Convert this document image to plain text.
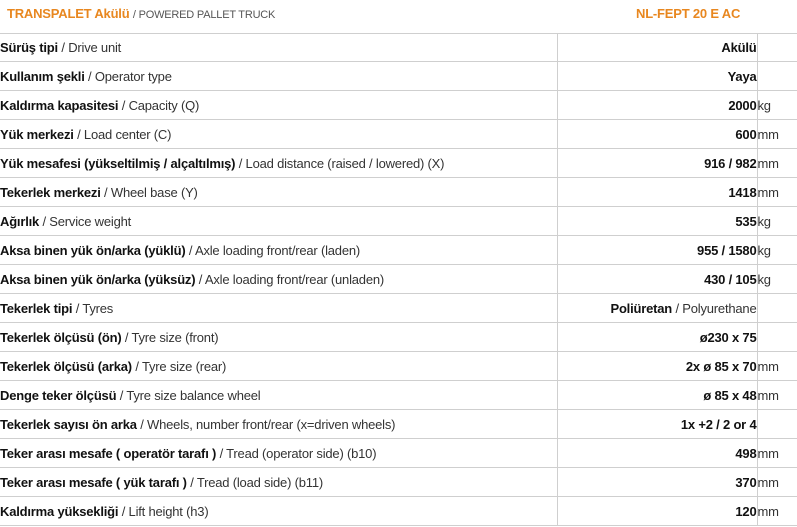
TRANSPALET Akülü / POWERED PALLET TRUCK	NL-FEPT 20 E AC
Sürüş tipi / Drive unit	Akülü	
Kullanım şekli / Operator type	Yaya	
Kaldırma kapasitesi / Capacity (Q)	2000	kg
Yük merkezi / Load center (C)	600	mm
Yük mesafesi (yükseltilmiş / alçaltılmış) / Load distance (raised / lowered) (X)	916 / 982	mm
Tekerlek merkezi / Wheel base (Y)	1418	mm
Ağırlık / Service weight	535	kg
Aksa binen yük ön/arka (yüklü) / Axle loading front/rear (laden)	955 / 1580	kg
Aksa binen yük ön/arka (yüksüz) / Axle loading front/rear (unladen)	430 / 105	kg
Tekerlek tipi / Tyres	Poliüretan / Polyurethane	
Tekerlek ölçüsü (ön) / Tyre size (front)	ø230 x 75	
Tekerlek ölçüsü (arka) / Tyre size (rear)	2x ø 85 x 70	mm
Denge teker ölçüsü / Tyre size balance wheel	ø 85 x 48	mm
Tekerlek sayısı ön arka / Wheels, number front/rear (x=driven wheels)	1x +2 / 2 or 4	
Teker arası mesafe ( operatör tarafı ) / Tread (operator side) (b10)	498	mm
Teker arası mesafe ( yük tarafı ) / Tread (load side) (b11)	370	mm
Kaldırma yüksekliği / Lift height (h3)	120	mm
